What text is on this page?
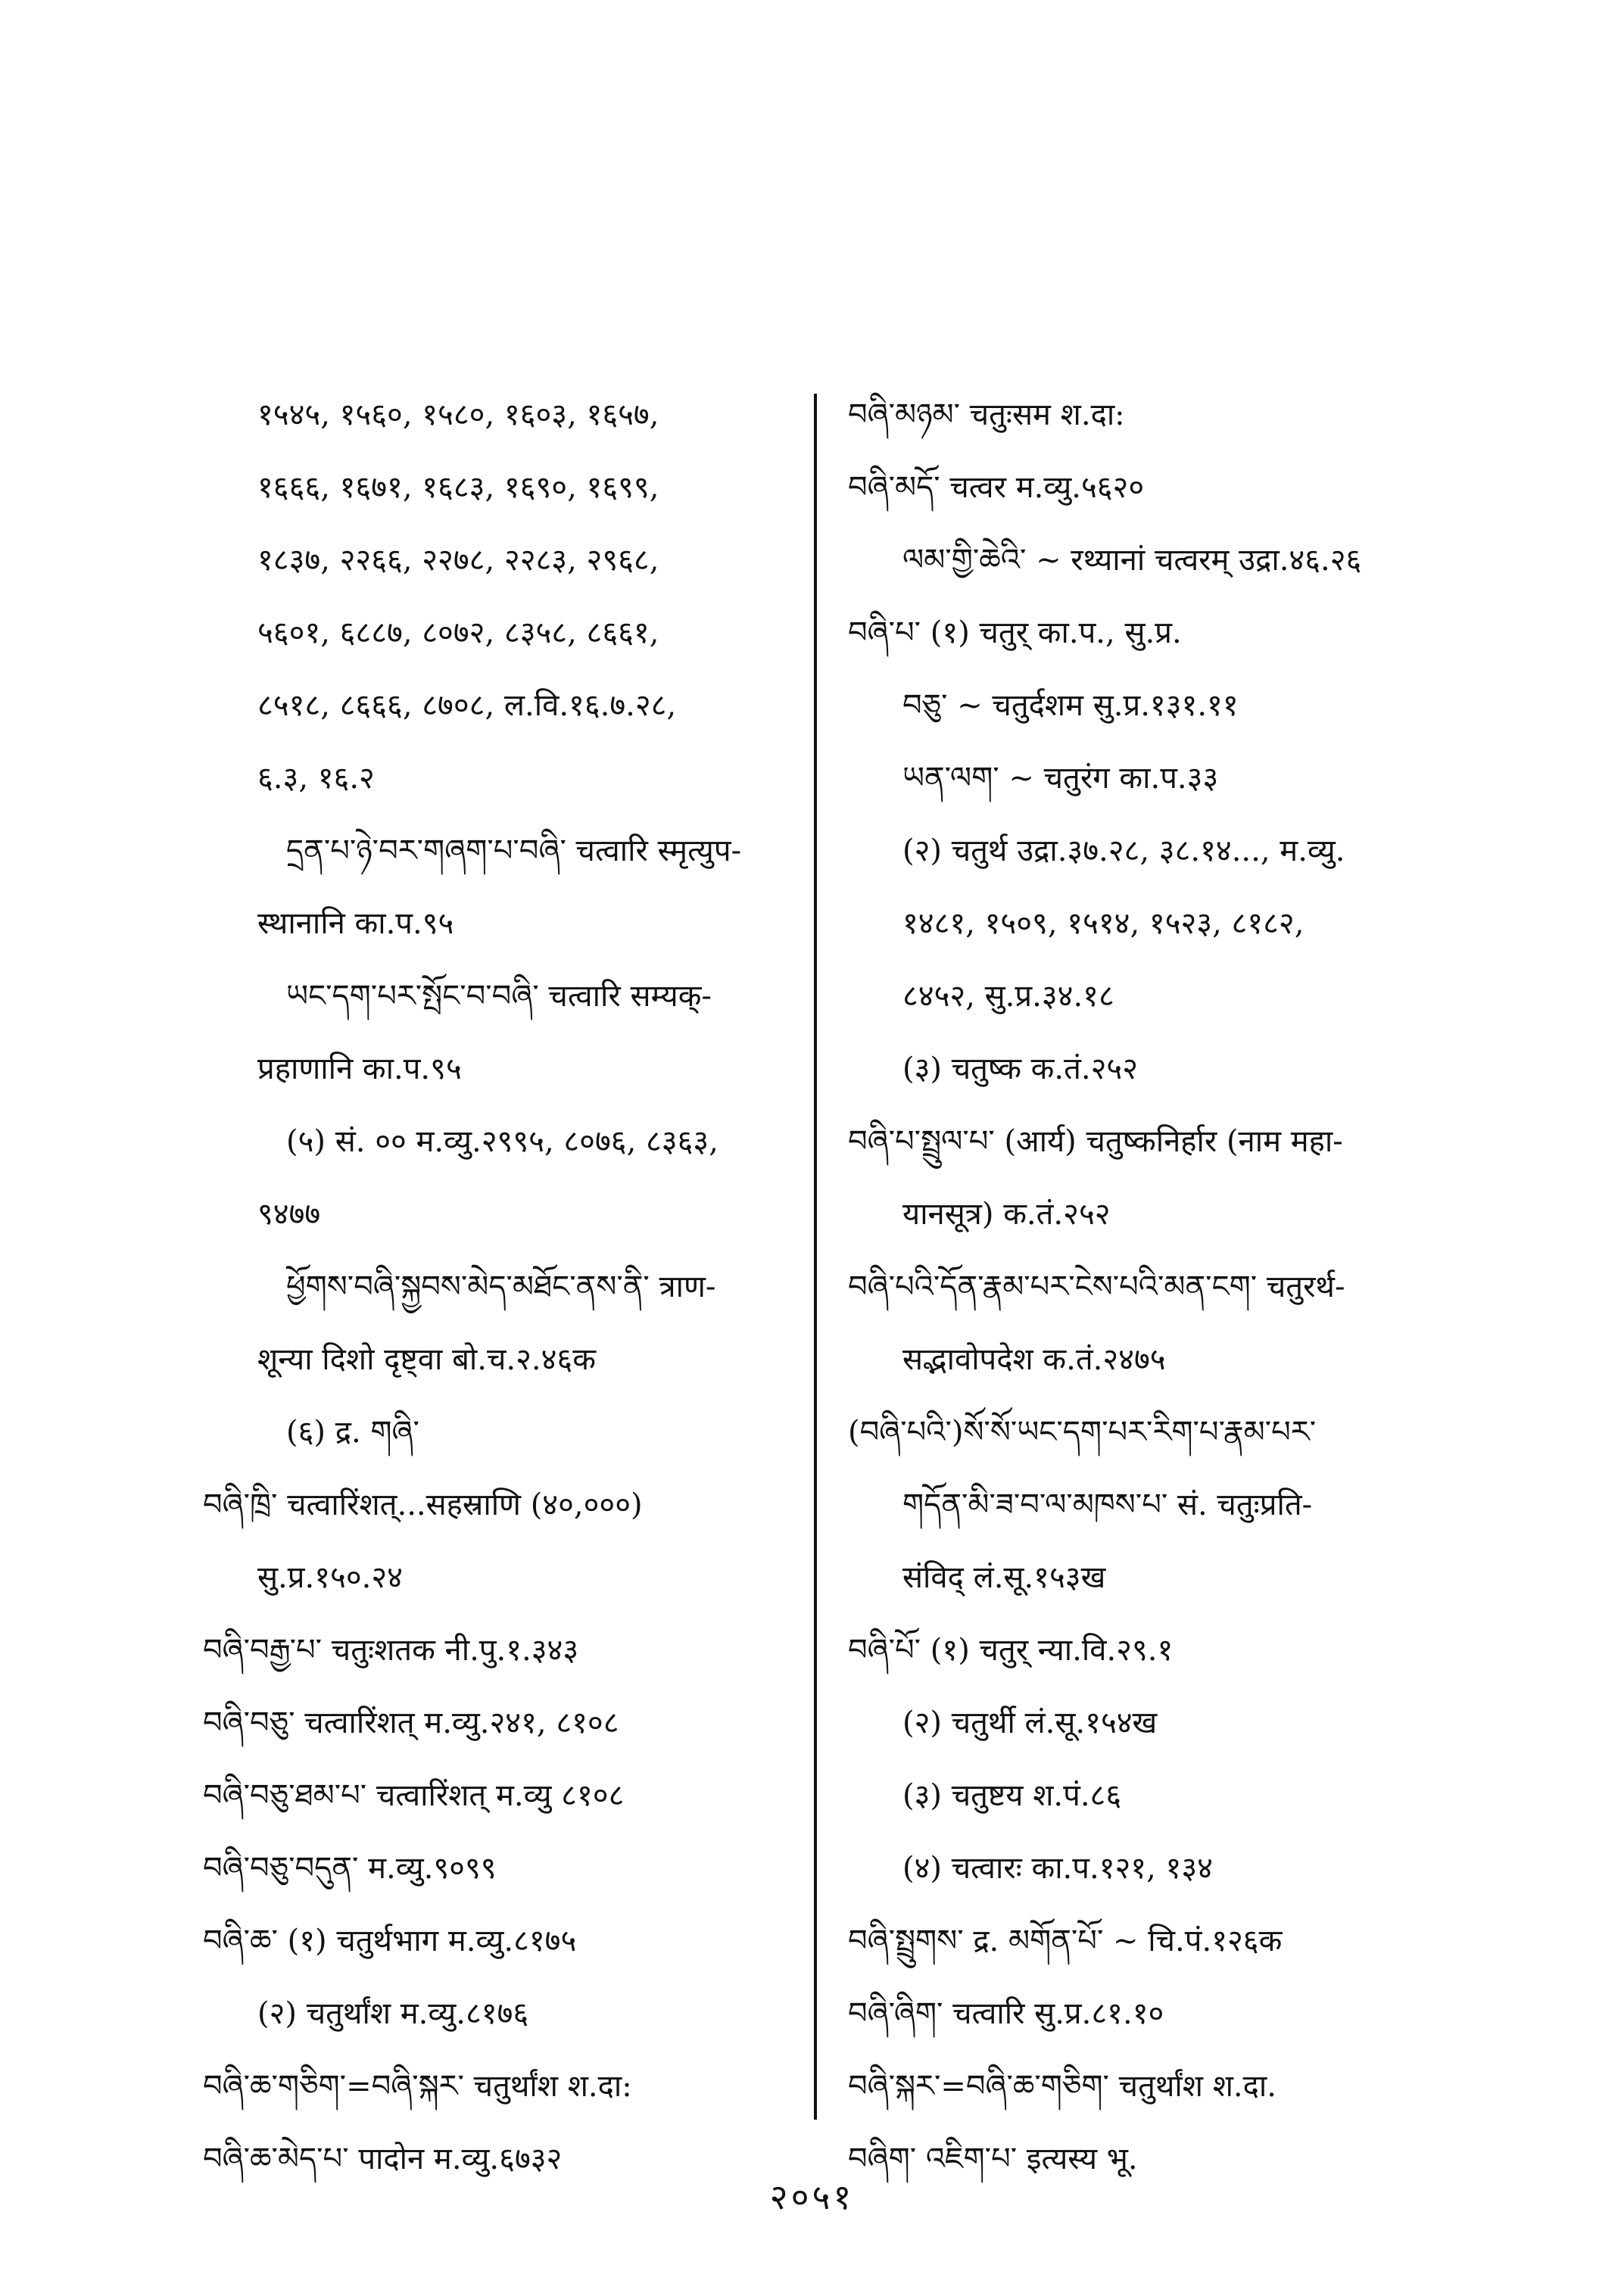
१५४५, १५६०, १५८०, १६०३, १६५७,
१६६६, १६७१, १६८३, १६९०, १६९९,
१८३७, २२६६, २२७८, २२८३, २९६८,
५६०१, ६८८७, ८०७२, ८३५८, ८६६१,
८५१८, ८६६६, ८७०८, ल.वि.१६.७.२८,
६.३, १६.२
དྲན་པ་ཉེ་བར་གཞག་པ་བཞི་ चत्वारि स्मृत्युप-
स्थानानि का.प.९५
ཡང་དག་པར་སྤོང་བ་བཞི་ चत्वारि सम्यक्-
प्रहाणानि का.प.९५
(५) सं. ०० म.व्यु.२९९५, ८०७६, ८३६३,
९४७७
ཕྱོགས་བཞི་སྐྱབས་མེད་མཐོང་ནས་ནི་ त्राण-
शून्या दिशो दृष्ट्वा बो.च.२.४६क
(६) द्र. གཞི་
བཞི་ཁྲི་ चत्वारिंशत्...सहस्राणि (४०,०००)
सु.प्र.१५०.२४
བཞི་བརྒྱ་པ་ चतुःशतक नी.पु.१.३४३
བཞི་བཅུ་ चत्वारिंशत् म.व्यु.२४१, ८१०८
བཞི་བཅུ་ཐམ་པ་ चत्वारिंशत् म.व्यु ८१०८
བཞི་བཅུ་བདུན་ म.व्यु.९०९९
བཞི་ཆ་ (१) चतुर्थभाग म.व्यु.८१७५
(२) चतुर्थांश म.व्यु.८१७६
བཞི་ཆ་གཅིག་=བཞི་སྐར་ चतुर्थांश श.दा:
བཞི་ཆ་མེད་པ་ पादोन म.व्यु.६७३२
བཞི་མཉམ་ चतुःसम श.दा:
བཞི་མདོ་ चत्वर म.व्यु.५६२०
ལམ་གྱི་ཆེའི་ ~ रथ्यानां चत्वरम् उद्रा.४६.२६
བཞི་པ་ (१) चतुर् का.प., सु.प्र.
བཅུ་ ~ चतुर्दशम सु.प्र.१३१.११
ཡན་ལག་ ~ चतुरंग का.प.३३
(२) चतुर्थ उद्रा.३७.२८, ३८.१४..., म.व्यु.
१४८१, १५०९, १५१४, १५२३, ८१८२,
८४५२, सु.प्र.३४.१८
(३) चतुष्क क.तं.२५२
བཞི་པ་སྤྲུལ་པ་ (आर्य) चतुष्कनिर्हार (नाम महा-
यानसूत्र) क.तं.२५२
བཞི་པའི་དོན་རྣམ་པར་ངེས་པའི་མན་ངག་ चतुरर्थ-
सद्भावोपदेश क.तं.२४७५
(བཞི་པའི་)སོ་སོ་ཡང་དག་པར་རིག་པ་རྣམ་པར་
གདོན་མི་ཟ་བ་ལ་མཁས་པ་ सं. चतुःप्रति-
संविद् लं.सू.१५३ख
བཞི་པོ་ (१) चतुर् न्या.वि.२९.१
(२) चतुर्थी लं.सू.१५४ख
(३) चतुष्टय श.पं.८६
(४) चत्वारः का.प.१२१, १३४
བཞི་སྤྲུགས་ द्र. མགོན་པོ་ ~ चि.पं.१२६क
བཞི་ཞིག་ चत्वारि सु.प्र.८१.१०
བཞི་སྐར་=བཞི་ཆ་གཅིག་ चतुर्थांश श.दा.
བཞིག་ འཇིག་པ་ इत्यस्य भू.
२०५१
